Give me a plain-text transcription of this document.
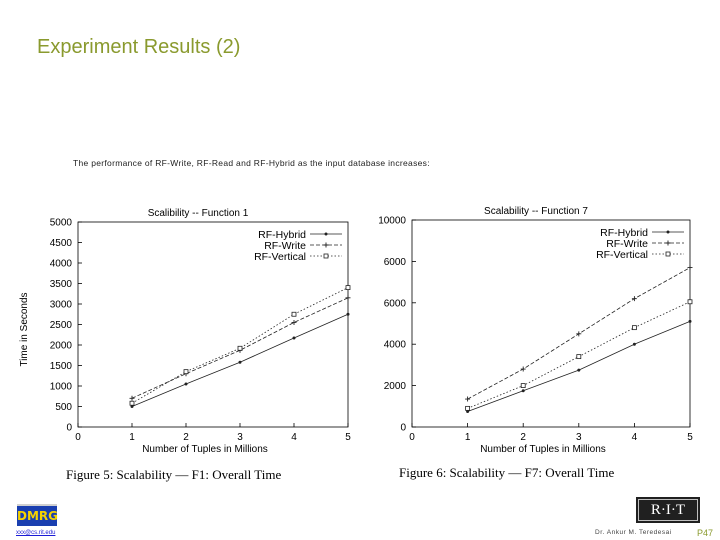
Experiment Results (2)
The performance of RF-Write, RF-Read and RF-Hybrid as the input database increases:
Scalibility -- Function 1
0
500
1000
1500
2000
2500
3000
3500
4000
4500
5000
0	1	2	3	4	5
Number of Tuples in Millions
Time in Seconds
RF-Hybrid
RF-Write
RF-Vertical
Scalability -- Function 7
0
2000
4000
6000
6000
10000
0	1	2	3	4	5
Number of Tuples in Millions
RF-Hybrid
RF-Write
RF-Vertical
Figure 5: Scalability — F1: Overall Time	Figure 6: Scalability — F7: Overall Time
DMRG
xxx@cs.rit.edu
R·I·T
Dr. Ankur M. Teredesai	P47
